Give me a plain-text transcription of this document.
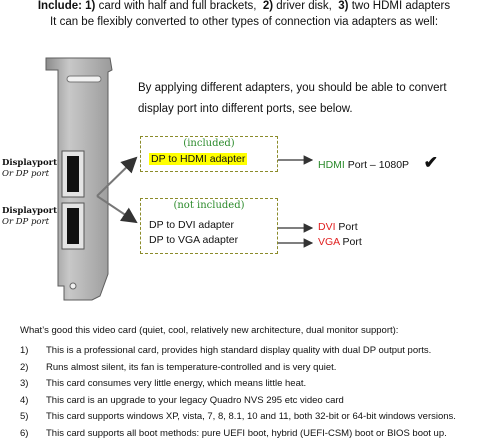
Include: 1) card with half and full brackets,  2) driver disk,  3) two HDMI adapters
It can be flexibly converted to other types of connection via adapters as well:
Displayport
Or DP port
Displayport
Or DP port
By applying different adapters, you should be able to convert
display port into different ports, see below.
(included)
DP to HDMI adapter
(not included)
DP to DVI adapter
DP to VGA adapter
HDMI Port – 1080P ✔
DVI Port
VGA Port
What’s good this video card (quiet, cool, relatively new architecture, dual monitor support):
1)	This is a professional card, provides high standard display quality with dual DP output ports.
2)	Runs almost silent, its fan is temperature-controlled and is very quiet.
3)	This card consumes very little energy, which means little heat.
4)	This card is an upgrade to your legacy Quadro NVS 295 etc video card
5)	This card supports windows XP, vista, 7, 8, 8.1, 10 and 11, both 32-bit or 64-bit windows versions.
6)	This card supports all boot methods: pure UEFI boot, hybrid (UEFI-CSM) boot or BIOS boot up.
